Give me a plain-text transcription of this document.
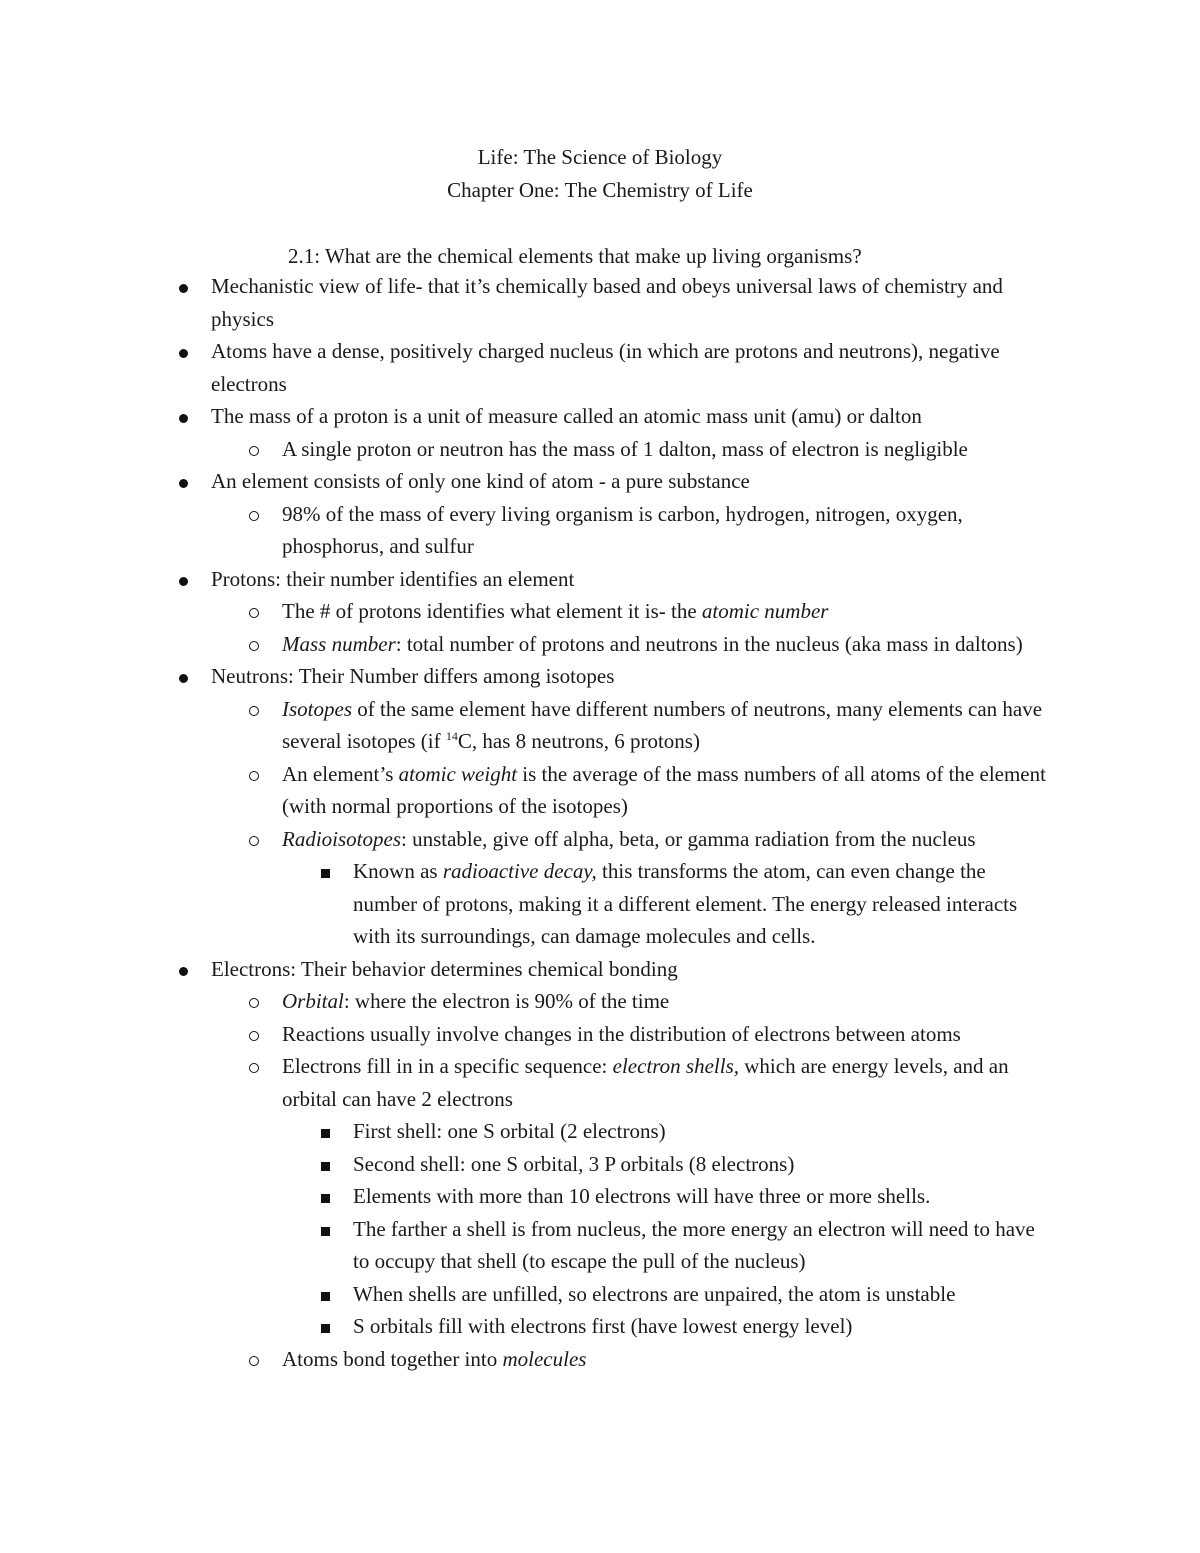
Life: The Science of Biology
Chapter One: The Chemistry of Life
2.1: What are the chemical elements that make up living organisms?
Mechanistic view of life- that it’s chemically based and obeys universal laws of chemistry and physics
Atoms have a dense, positively charged nucleus (in which are protons and neutrons), negative electrons
The mass of a proton is a unit of measure called an atomic mass unit (amu) or dalton
A single proton or neutron has the mass of 1 dalton, mass of electron is negligible
An element consists of only one kind of atom - a pure substance
98% of the mass of every living organism is carbon, hydrogen, nitrogen, oxygen, phosphorus, and sulfur
Protons: their number identifies an element
The # of protons identifies what element it is- the atomic number
Mass number: total number of protons and neutrons in the nucleus (aka mass in daltons)
Neutrons: Their Number differs among isotopes
Isotopes of the same element have different numbers of neutrons, many elements can have several isotopes (if $^{14}$C, has 8 neutrons, 6 protons)
An element’s atomic weight is the average of the mass numbers of all atoms of the element (with normal proportions of the isotopes)
Radioisotopes: unstable, give off alpha, beta, or gamma radiation from the nucleus
Known as radioactive decay, this transforms the atom, can even change the number of protons, making it a different element. The energy released interacts with its surroundings, can damage molecules and cells.
Electrons: Their behavior determines chemical bonding
Orbital: where the electron is 90% of the time
Reactions usually involve changes in the distribution of electrons between atoms
Electrons fill in in a specific sequence: electron shells, which are energy levels, and an orbital can have 2 electrons
First shell: one S orbital (2 electrons)
Second shell: one S orbital, 3 P orbitals (8 electrons)
Elements with more than 10 electrons will have three or more shells.
The farther a shell is from nucleus, the more energy an electron will need to have to occupy that shell (to escape the pull of the nucleus)
When shells are unfilled, so electrons are unpaired, the atom is unstable
S orbitals fill with electrons first (have lowest energy level)
Atoms bond together into molecules
